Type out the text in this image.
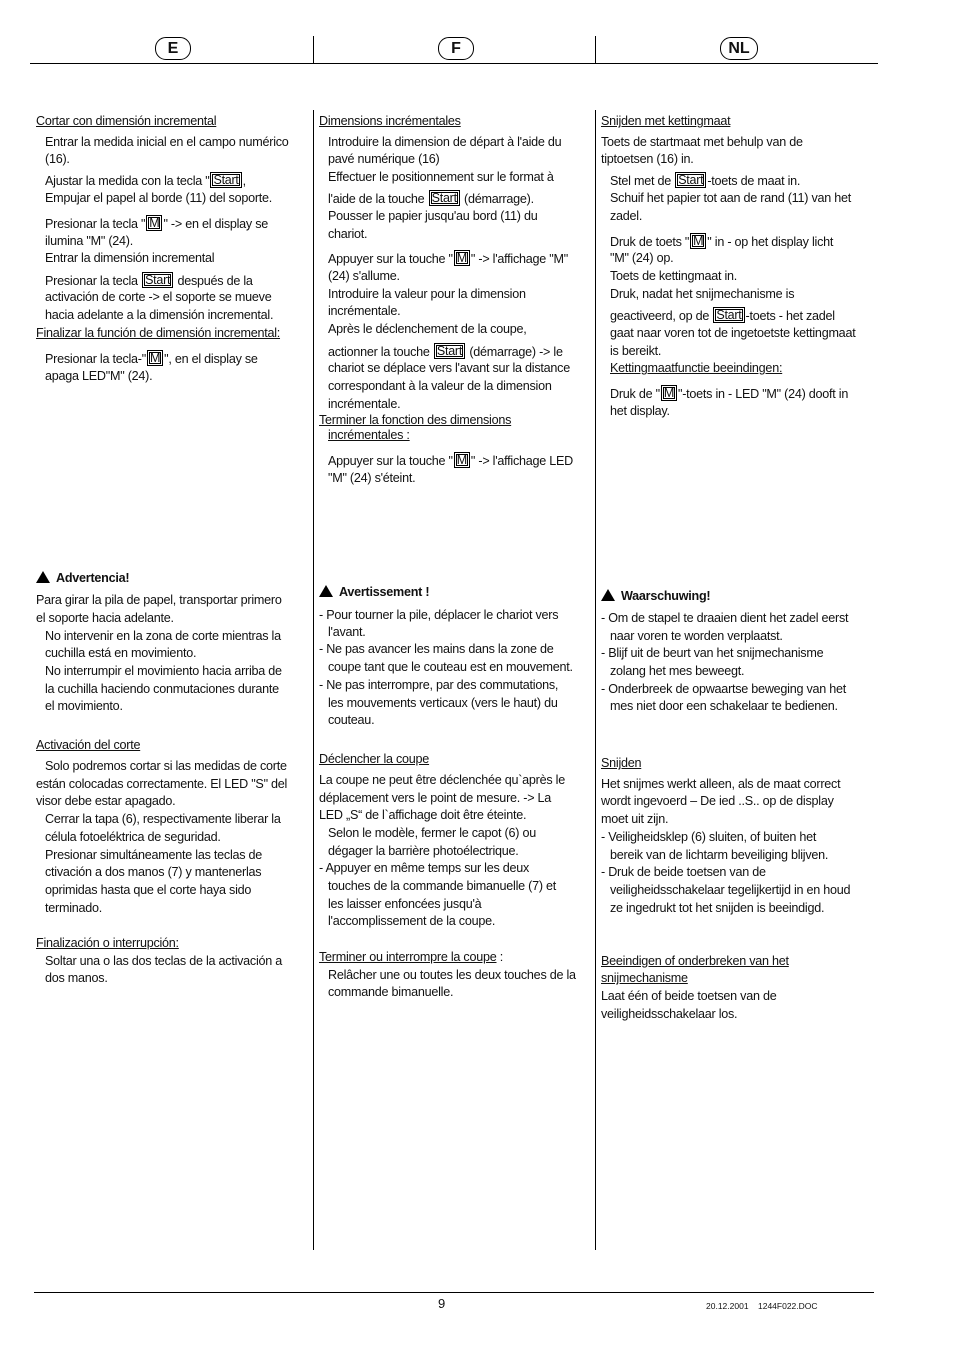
E	F	NL
Cortar con dimensión incremental
Entrar la medida inicial en el campo numérico
(16).
Ajustar la medida con la tecla " Start ,
Empujar el papel al borde (11) del soporte.
Presionar la tecla " M " -> en el display se
ilumina "M" (24).
Entrar la dimensión incremental
Presionar la tecla Start después de la
activación de corte -> el soporte se mueve
hacia adelante a la dimensión incremental.
Finalizar la función de dimensión incremental:
Presionar la tecla-" M ", en el display se
apaga LED"M" (24).
Advertencia!
Para girar la pila de papel, transportar primero
el soporte hacia adelante.
No intervenir en la zona de corte mientras la
cuchilla está en movimiento.
No interrumpir el movimiento hacia arriba de
la cuchilla haciendo conmutaciones durante
el movimiento.
Activación del corte
Solo podremos cortar si las medidas de corte
están colocadas correctamente. El LED "S" del
visor debe estar apagado.
Cerrar la tapa (6), respectivamente liberar la
célula fotoeléktrica de seguridad.
Presionar simultáneamente las teclas de
ctivación a dos manos (7) y mantenerlas
oprimidas hasta que el corte haya sido
terminado.
Finalización o interrupción:
Soltar una o las dos teclas de la activación a
dos manos.
Dimensions incrémentales
Introduire la dimension de départ à l'aide du
pavé numérique (16)
Effectuer le positionnement sur le format à
l'aide de la touche Start (démarrage).
Pousser le papier jusqu'au bord (11) du
chariot.
Appuyer sur la touche " M " -> l'affichage "M"
(24) s'allume.
Introduire la valeur pour la dimension
incrémentale.
Après le déclenchement de la coupe,
actionner la touche Start (démarrage) -> le
chariot se déplace vers l'avant sur la distance
correspondant à la valeur de la dimension
incrémentale.
Terminer la fonction des dimensions
incrémentales :
Appuyer sur la touche " M " -> l'affichage LED
"M" (24) s'éteint.
Avertissement !
- Pour tourner la pile, déplacer le chariot vers
l'avant.
- Ne pas avancer les mains dans la zone de
coupe tant que le couteau est en mouvement.
- Ne pas interrompre, par des commutations,
les mouvements verticaux (vers le haut) du
couteau.
Déclencher la coupe
La coupe ne peut être déclenchée qu`après le
déplacement vers le point de mesure. -> La
LED „S“ de l`affichage doit être éteinte.
Selon le modèle, fermer le capot (6) ou
dégager la barrière photoélectrique.
- Appuyer en même temps sur les deux
touches de la commande bimanuelle (7) et
les laisser enfoncées jusqu'à
l'accomplissement de la coupe.
Terminer ou interrompre la coupe :
Relâcher une ou toutes les deux touches de la
commande bimanuelle.
Snijden met kettingmaat
Toets de startmaat met behulp van de
tiptoetsen (16) in.
Stel met de Start -toets de maat in.
Schuif het papier tot aan de rand (11) van het
zadel.
Druk de toets " M " in - op het display licht
"M" (24) op.
Toets de kettingmaat in.
Druk, nadat het snijmechanisme is
geactiveerd, op de Start -toets - het zadel
gaat naar voren tot de ingetoetste kettingmaat
is bereikt.
Kettingmaatfunctie beeindingen:
Druk de " M "-toets in - LED "M" (24) dooft in
het display.
Waarschuwing!
- Om de stapel te draaien dient het zadel eerst
naar voren te worden verplaatst.
- Blijf uit de beurt van het snijmechanisme
zolang het mes beweegt.
- Onderbreek de opwaartse beweging van het
mes niet door een schakelaar te bedienen.
Snijden
Het snijmes werkt alleen, als de maat correct
wordt ingevoerd – De ied ..S.. op de display
moet uit zijn.
- Veiligheidsklep (6) sluiten, of buiten het
bereik van de lichtarm beveiliging blijven.
- Druk de beide toetsen van de
veiligheidsschakelaar tegelijkertijd in en houd
ze ingedrukt tot het snijden is beeindigd.
Beeindigen of onderbreken van het
snijmechanisme
Laat één of beide toetsen van de
veiligheidsschakelaar los.
9	20.12.2001    1244F022.DOC
